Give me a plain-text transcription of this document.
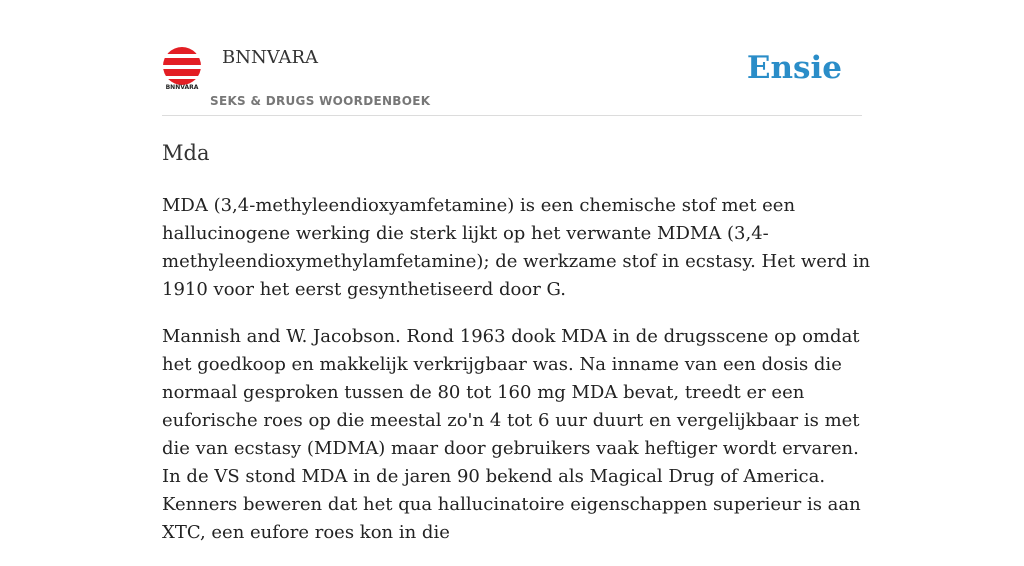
BNNVARA
BNNVARA
SEKS & DRUGS WOORDENBOEK
Ensie
Mda

MDA (3,4-methyleendioxyamfetamine) is een chemische stof met een hallucinogene werking die sterk lijkt op het verwante MDMA (3,4-methyleendioxymethylamfetamine); de werkzame stof in ecstasy. Het werd in 1910 voor het eerst gesynthetiseerd door G.

Mannish and W. Jacobson. Rond 1963 dook MDA in de drugsscene op omdat het goedkoop en makkelijk verkrijgbaar was. Na inname van een dosis die normaal gesproken tussen de 80 tot 160 mg MDA bevat, treedt er een euforische roes op die meestal zo'n 4 tot 6 uur duurt en vergelijkbaar is met die van ecstasy (MDMA) maar door gebruikers vaak heftiger wordt ervaren. In de VS stond MDA in de jaren 90 bekend als Magical Drug of America. Kenners beweren dat het qua hallucinatoire eigenschappen superieur is aan XTC, een eufore roes kon in die
